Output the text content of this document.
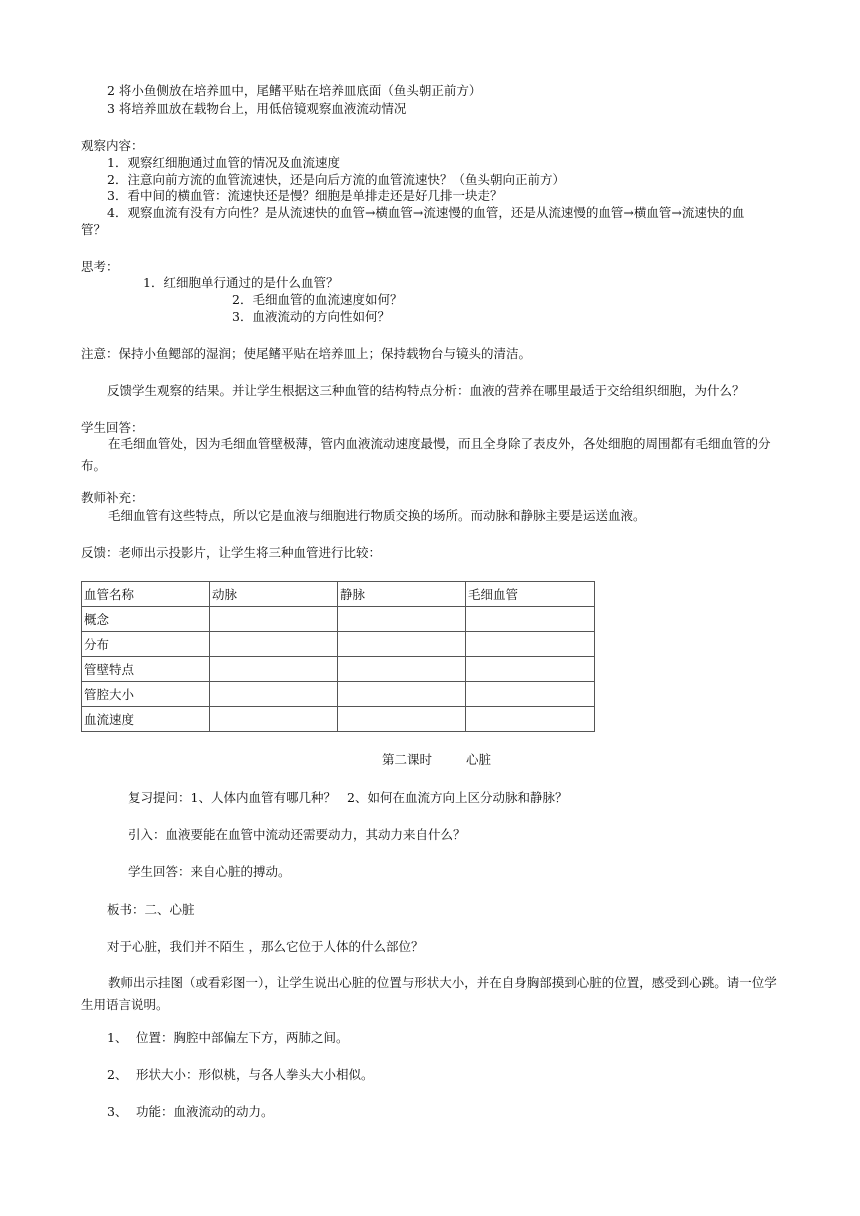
2 将小鱼侧放在培养皿中，尾鳍平贴在培养皿底面（鱼头朝正前方）
3 将培养皿放在载物台上，用低倍镜观察血液流动情况
观察内容：
1．观察红细胞通过血管的情况及血流速度
2．注意向前方流的血管流速快，还是向后方流的血管流速快？（鱼头朝向正前方）
3．看中间的横血管：流速快还是慢？细胞是单排走还是好几排一块走？
4．观察血流有没有方向性？是从流速快的血管→横血管→流速慢的血管，还是从流速慢的血管→横血管→流速快的血
管？
思考：
1．红细胞单行通过的是什么血管？
2．毛细血管的血流速度如何？
3．血液流动的方向性如何？
注意：保持小鱼鳃部的湿润；使尾鳍平贴在培养皿上；保持载物台与镜头的清洁。
反馈学生观察的结果。并让学生根据这三种血管的结构特点分析：血液的营养在哪里最适于交给组织细胞，为什么？
学生回答：
在毛细血管处，因为毛细血管壁极薄，管内血液流动速度最慢，而且全身除了表皮外，各处细胞的周围都有毛细血管的分布。
教师补充：
毛细血管有这些特点，所以它是血液与细胞进行物质交换的场所。而动脉和静脉主要是运送血液。
反馈：老师出示投影片，让学生将三种血管进行比较：
血管名称	动脉	静脉	毛细血管
概念			
分布			
管壁特点			
管腔大小			
血流速度			
第二课时	心脏
复习提问：1、人体内血管有哪几种？ 2、如何在血流方向上区分动脉和静脉？
引入：血液要能在血管中流动还需要动力，其动力来自什么？
学生回答：来自心脏的搏动。
板书：二、心脏
对于心脏，我们并不陌生 ，那么它位于人体的什么部位？
教师出示挂图（或看彩图一），让学生说出心脏的位置与形状大小，并在自身胸部摸到心脏的位置，感受到心跳。请一位学生用语言说明。
1、 位置：胸腔中部偏左下方，两肺之间。
2、 形状大小：形似桃，与各人拳头大小相似。
3、 功能：血液流动的动力。
